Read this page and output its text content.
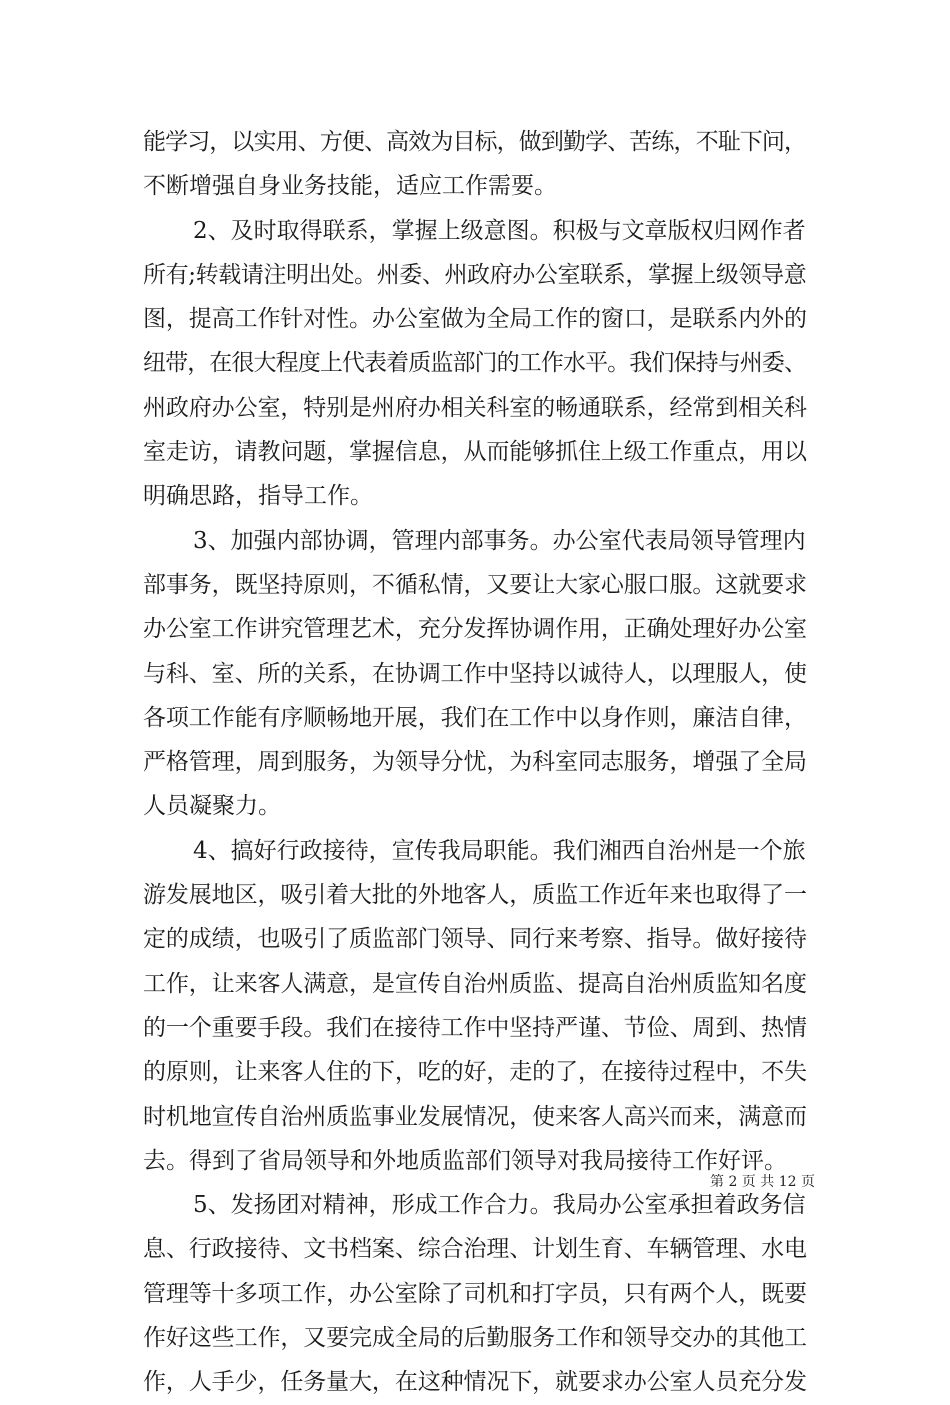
能学习，以实用、方便、高效为目标，做到勤学、苦练，不耻下问，
不断增强自身业务技能，适应工作需要。
2、及时取得联系，掌握上级意图。积极与文章版权归网作者
所有;转载请注明出处。州委、州政府办公室联系，掌握上级领导意
图，提高工作针对性。办公室做为全局工作的窗口，是联系内外的
纽带，在很大程度上代表着质监部门的工作水平。我们保持与州委、
州政府办公室，特别是州府办相关科室的畅通联系，经常到相关科
室走访，请教问题，掌握信息，从而能够抓住上级工作重点，用以
明确思路，指导工作。
3、加强内部协调，管理内部事务。办公室代表局领导管理内
部事务，既坚持原则，不循私情，又要让大家心服口服。这就要求
办公室工作讲究管理艺术，充分发挥协调作用，正确处理好办公室
与科、室、所的关系，在协调工作中坚持以诚待人，以理服人，使
各项工作能有序顺畅地开展，我们在工作中以身作则，廉洁自律，
严格管理，周到服务，为领导分忧，为科室同志服务，增强了全局
人员凝聚力。
4、搞好行政接待，宣传我局职能。我们湘西自治州是一个旅
游发展地区，吸引着大批的外地客人，质监工作近年来也取得了一
定的成绩，也吸引了质监部门领导、同行来考察、指导。做好接待
工作，让来客人满意，是宣传自治州质监、提高自治州质监知名度
的一个重要手段。我们在接待工作中坚持严谨、节俭、周到、热情
的原则，让来客人住的下，吃的好，走的了，在接待过程中，不失
时机地宣传自治州质监事业发展情况，使来客人高兴而来，满意而
去。得到了省局领导和外地质监部们领导对我局接待工作好评。
5、发扬团对精神，形成工作合力。我局办公室承担着政务信
息、行政接待、文书档案、综合治理、计划生育、车辆管理、水电
管理等十多项工作，办公室除了司机和打字员，只有两个人，既要
作好这些工作，又要完成全局的后勤服务工作和领导交办的其他工
作，人手少，任务量大，在这种情况下，就要求办公室人员充分发
第 2 页 共 12 页
